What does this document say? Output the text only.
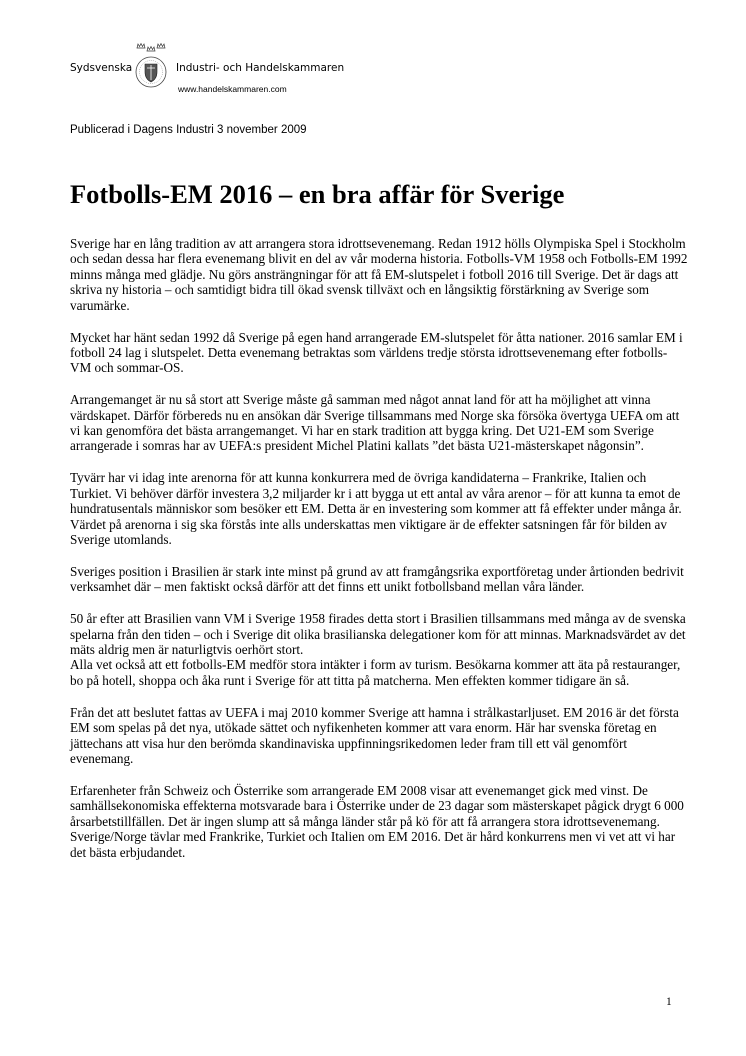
Sydsvenska	Industri- och Handelskammaren
www.handelskammaren.com
Publicerad i Dagens Industri 3 november 2009
Fotbolls-EM 2016 – en bra affär för Sverige

Sverige har en lång tradition av att arrangera stora idrottsevenemang. Redan 1912 hölls Olympiska Spel i Stockholm och sedan dessa har flera evenemang blivit en del av vår moderna historia. Fotbolls-VM 1958 och Fotbolls-EM 1992 minns många med glädje. Nu görs ansträngningar för att få EM-slutspelet i fotboll 2016 till Sverige. Det är dags att skriva ny historia – och samtidigt bidra till ökad svensk tillväxt och en långsiktig förstärkning av Sverige som varumärke.

Mycket har hänt sedan 1992 då Sverige på egen hand arrangerade EM-slutspelet för åtta nationer. 2016 samlar EM i fotboll 24 lag i slutspelet. Detta evenemang betraktas som världens tredje största idrottsevenemang efter fotbolls-VM och sommar-OS.

Arrangemanget är nu så stort att Sverige måste gå samman med något annat land för att ha möjlighet att vinna värdskapet. Därför förbereds nu en ansökan där Sverige tillsammans med Norge ska försöka övertyga UEFA om att vi kan genomföra det bästa arrangemanget. Vi har en stark tradition att bygga kring. Det U21-EM som Sverige arrangerade i somras har av UEFA:s president Michel Platini kallats ”det bästa U21-mästerskapet någonsin”.

Tyvärr har vi idag inte arenorna för att kunna konkurrera med de övriga kandidaterna – Frankrike, Italien och Turkiet. Vi behöver därför investera 3,2 miljarder kr i att bygga ut ett antal av våra arenor – för att kunna ta emot de hundratusentals människor som besöker ett EM. Detta är en investering som kommer att få effekter under många år. Värdet på arenorna i sig ska förstås inte alls underskattas men viktigare är de effekter satsningen får för bilden av Sverige utomlands.

Sveriges position i Brasilien är stark inte minst på grund av att framgångsrika exportföretag under årtionden bedrivit verksamhet där – men faktiskt också därför att det finns ett unikt fotbollsband mellan våra länder.

50 år efter att Brasilien vann VM i Sverige 1958 firades detta stort i Brasilien tillsammans med många av de svenska spelarna från den tiden – och i Sverige dit olika brasilianska delegationer kom för att minnas. Marknadsvärdet av det mäts aldrig men är naturligtvis oerhört stort.
Alla vet också att ett fotbolls-EM medför stora intäkter i form av turism. Besökarna kommer att äta på restauranger, bo på hotell, shoppa och åka runt i Sverige för att titta på matcherna. Men effekten kommer tidigare än så.

Från det att beslutet fattas av UEFA i maj 2010 kommer Sverige att hamna i strålkastarljuset. EM 2016 är det första EM som spelas på det nya, utökade sättet och nyfikenheten kommer att vara enorm. Här har svenska företag en jättechans att visa hur den berömda skandinaviska uppfinningsrikedomen leder fram till ett väl genomfört evenemang.

Erfarenheter från Schweiz och Österrike som arrangerade EM 2008 visar att evenemanget gick med vinst. De samhällsekonomiska effekterna motsvarade bara i Österrike under de 23 dagar som mästerskapet pågick drygt 6 000 årsarbetstillfällen. Det är ingen slump att så många länder står på kö för att få arrangera stora idrottsevenemang. Sverige/Norge tävlar med Frankrike, Turkiet och Italien om EM 2016. Det är hård konkurrens men vi vet att vi har det bästa erbjudandet.

1
